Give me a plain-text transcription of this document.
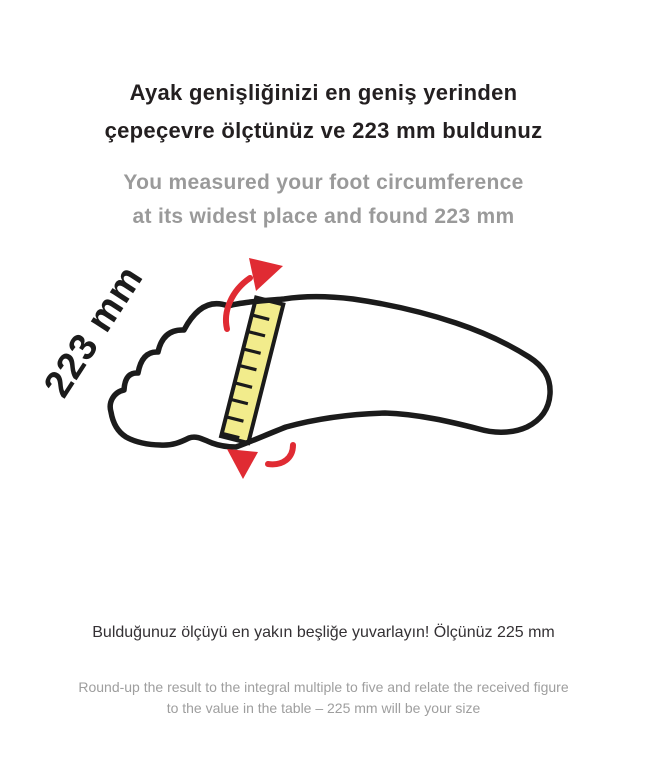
Ayak genişliğinizi en geniş yerinden
çepeçevre ölçtünüz ve 223 mm buldunuz
You measured your foot circumference
at its widest place and found 223 mm
223 mm
Bulduğunuz ölçüyü en yakın beşliğe yuvarlayın! Ölçünüz 225 mm
Round-up the result to the integral multiple to five and relate the received figure
to the value in the table – 225 mm will be your size
